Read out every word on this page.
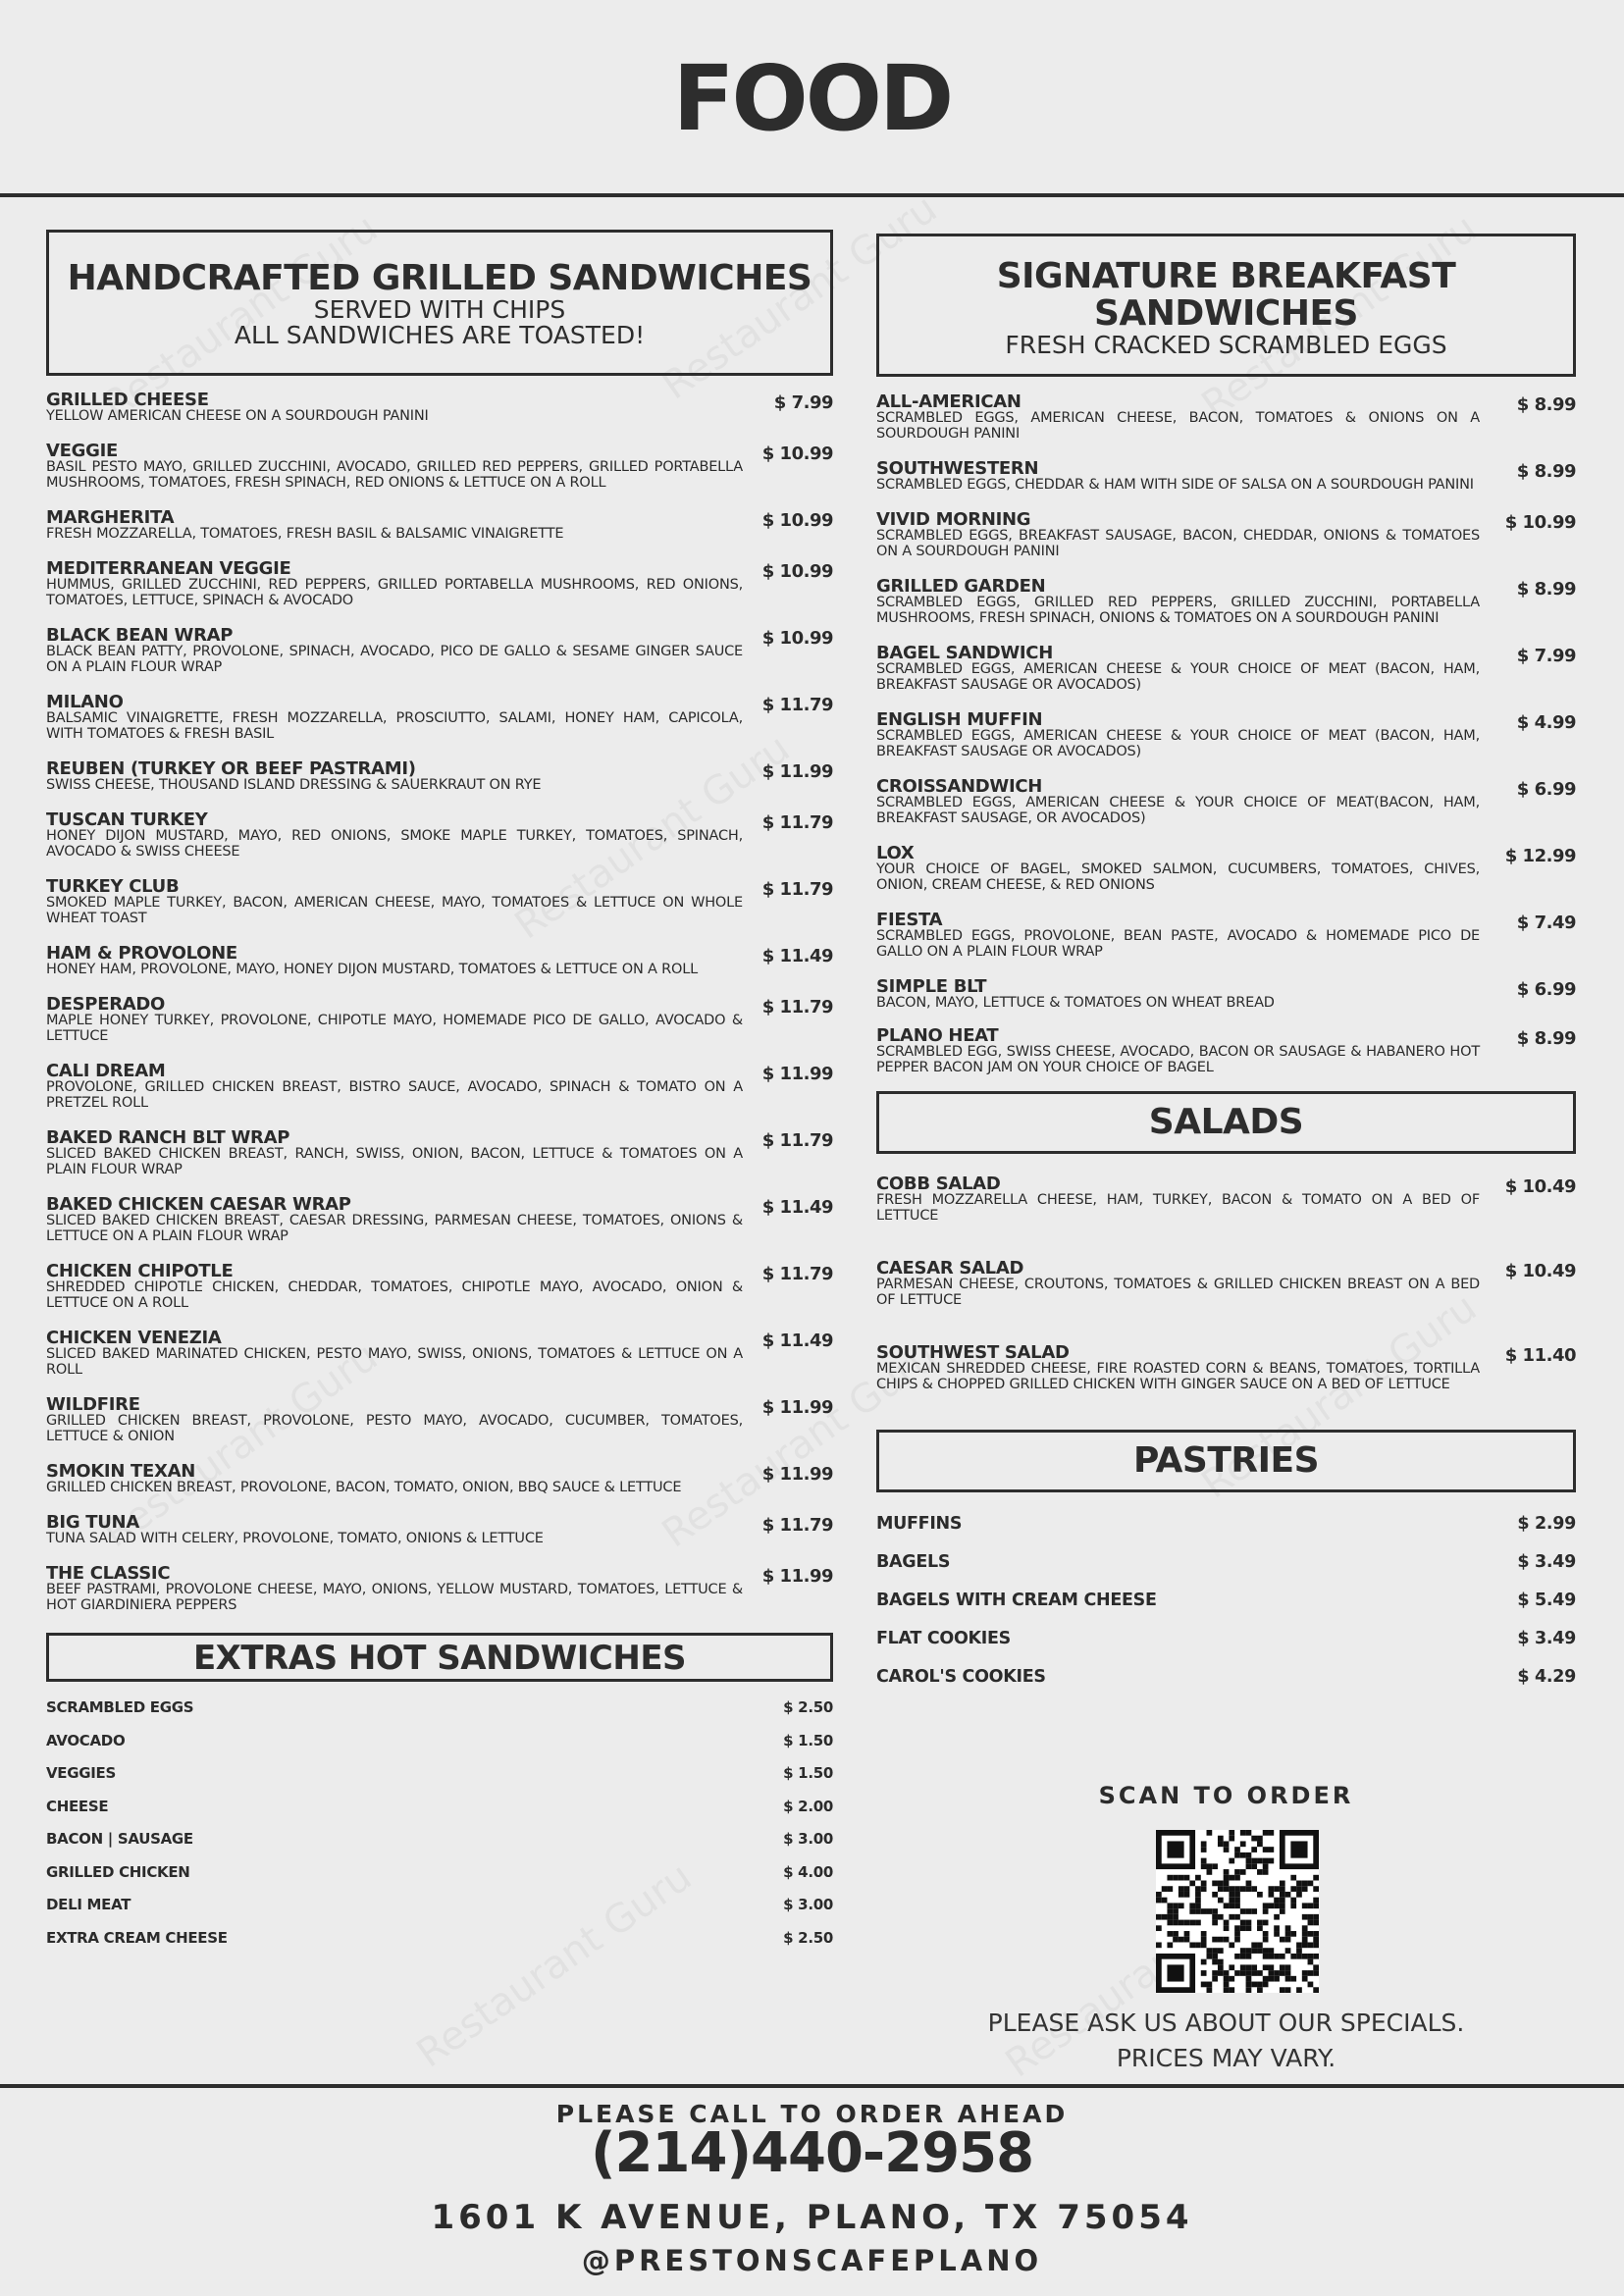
FOOD
HANDCRAFTED GRILLED SANDWICHES
SERVED WITH CHIPS
ALL SANDWICHES ARE TOASTED!
GRILLED CHEESE
YELLOW AMERICAN CHEESE ON A SOURDOUGH PANINI
$ 7.99
VEGGIE
BASIL PESTO MAYO, GRILLED ZUCCHINI, AVOCADO, GRILLED RED PEPPERS, GRILLED PORTABELLA MUSHROOMS, TOMATOES, FRESH SPINACH, RED ONIONS & LETTUCE ON A ROLL
$ 10.99
MARGHERITA
FRESH MOZZARELLA, TOMATOES, FRESH BASIL & BALSAMIC VINAIGRETTE
$ 10.99
MEDITERRANEAN VEGGIE
HUMMUS, GRILLED ZUCCHINI, RED PEPPERS, GRILLED PORTABELLA MUSHROOMS, RED ONIONS, TOMATOES, LETTUCE, SPINACH & AVOCADO
$ 10.99
BLACK BEAN WRAP
BLACK BEAN PATTY, PROVOLONE, SPINACH, AVOCADO, PICO DE GALLO & SESAME GINGER SAUCE ON A PLAIN FLOUR WRAP
$ 10.99
MILANO
BALSAMIC VINAIGRETTE, FRESH MOZZARELLA, PROSCIUTTO, SALAMI, HONEY HAM, CAPICOLA, WITH TOMATOES & FRESH BASIL
$ 11.79
REUBEN (TURKEY OR BEEF PASTRAMI)
SWISS CHEESE, THOUSAND ISLAND DRESSING & SAUERKRAUT ON RYE
$ 11.99
TUSCAN TURKEY
HONEY DIJON MUSTARD, MAYO, RED ONIONS, SMOKE MAPLE TURKEY, TOMATOES, SPINACH, AVOCADO & SWISS CHEESE
$ 11.79
TURKEY CLUB
SMOKED MAPLE TURKEY, BACON, AMERICAN CHEESE, MAYO, TOMATOES & LETTUCE ON WHOLE WHEAT TOAST
$ 11.79
HAM & PROVOLONE
HONEY HAM, PROVOLONE, MAYO, HONEY DIJON MUSTARD, TOMATOES & LETTUCE ON A ROLL
$ 11.49
DESPERADO
MAPLE HONEY TURKEY, PROVOLONE, CHIPOTLE MAYO, HOMEMADE PICO DE GALLO, AVOCADO & LETTUCE
$ 11.79
CALI DREAM
PROVOLONE, GRILLED CHICKEN BREAST, BISTRO SAUCE, AVOCADO, SPINACH & TOMATO ON A PRETZEL ROLL
$ 11.99
BAKED RANCH BLT WRAP
SLICED BAKED CHICKEN BREAST, RANCH, SWISS, ONION, BACON, LETTUCE & TOMATOES ON A PLAIN FLOUR WRAP
$ 11.79
BAKED CHICKEN CAESAR WRAP
SLICED BAKED CHICKEN BREAST, CAESAR DRESSING, PARMESAN CHEESE, TOMATOES, ONIONS & LETTUCE ON A PLAIN FLOUR WRAP
$ 11.49
CHICKEN CHIPOTLE
SHREDDED CHIPOTLE CHICKEN, CHEDDAR, TOMATOES, CHIPOTLE MAYO, AVOCADO, ONION & LETTUCE ON A ROLL
$ 11.79
CHICKEN VENEZIA
SLICED BAKED MARINATED CHICKEN, PESTO MAYO, SWISS, ONIONS, TOMATOES & LETTUCE ON A ROLL
$ 11.49
WILDFIRE
GRILLED CHICKEN BREAST, PROVOLONE, PESTO MAYO, AVOCADO, CUCUMBER, TOMATOES, LETTUCE & ONION
$ 11.99
SMOKIN TEXAN
GRILLED CHICKEN BREAST, PROVOLONE, BACON, TOMATO, ONION, BBQ SAUCE & LETTUCE
$ 11.99
BIG TUNA
TUNA SALAD WITH CELERY, PROVOLONE, TOMATO, ONIONS & LETTUCE
$ 11.79
THE CLASSIC
BEEF PASTRAMI, PROVOLONE CHEESE, MAYO, ONIONS, YELLOW MUSTARD, TOMATOES, LETTUCE & HOT GIARDINIERA PEPPERS
$ 11.99
EXTRAS HOT SANDWICHES
SCRAMBLED EGGS	$ 2.50
AVOCADO	$ 1.50
VEGGIES	$ 1.50
CHEESE	$ 2.00
BACON | SAUSAGE	$ 3.00
GRILLED CHICKEN	$ 4.00
DELI MEAT	$ 3.00
EXTRA CREAM CHEESE	$ 2.50
SIGNATURE BREAKFAST
SANDWICHES
FRESH CRACKED SCRAMBLED EGGS
ALL-AMERICAN
SCRAMBLED EGGS, AMERICAN CHEESE, BACON, TOMATOES & ONIONS ON A SOURDOUGH PANINI
$ 8.99
SOUTHWESTERN
SCRAMBLED EGGS, CHEDDAR & HAM WITH SIDE OF SALSA ON A SOURDOUGH PANINI
$ 8.99
VIVID MORNING
SCRAMBLED EGGS, BREAKFAST SAUSAGE, BACON, CHEDDAR, ONIONS & TOMATOES ON A SOURDOUGH PANINI
$ 10.99
GRILLED GARDEN
SCRAMBLED EGGS, GRILLED RED PEPPERS, GRILLED ZUCCHINI, PORTABELLA MUSHROOMS, FRESH SPINACH, ONIONS & TOMATOES ON A SOURDOUGH PANINI
$ 8.99
BAGEL SANDWICH
SCRAMBLED EGGS, AMERICAN CHEESE & YOUR CHOICE OF MEAT (BACON, HAM, BREAKFAST SAUSAGE OR AVOCADOS)
$ 7.99
ENGLISH MUFFIN
SCRAMBLED EGGS, AMERICAN CHEESE & YOUR CHOICE OF MEAT (BACON, HAM, BREAKFAST SAUSAGE OR AVOCADOS)
$ 4.99
CROISSANDWICH
SCRAMBLED EGGS, AMERICAN CHEESE & YOUR CHOICE OF MEAT(BACON, HAM, BREAKFAST SAUSAGE, OR AVOCADOS)
$ 6.99
LOX
YOUR CHOICE OF BAGEL, SMOKED SALMON, CUCUMBERS, TOMATOES, CHIVES, ONION, CREAM CHEESE, & RED ONIONS
$ 12.99
FIESTA
SCRAMBLED EGGS, PROVOLONE, BEAN PASTE, AVOCADO & HOMEMADE PICO DE GALLO ON A PLAIN FLOUR WRAP
$ 7.49
SIMPLE BLT
BACON, MAYO, LETTUCE & TOMATOES ON WHEAT BREAD
$ 6.99
PLANO HEAT
SCRAMBLED EGG, SWISS CHEESE, AVOCADO, BACON OR SAUSAGE & HABANERO HOT PEPPER BACON JAM ON YOUR CHOICE OF BAGEL
$ 8.99
SALADS
COBB SALAD
FRESH MOZZARELLA CHEESE, HAM, TURKEY, BACON & TOMATO ON A BED OF LETTUCE
$ 10.49
CAESAR SALAD
PARMESAN CHEESE, CROUTONS, TOMATOES & GRILLED CHICKEN BREAST ON A BED OF LETTUCE
$ 10.49
SOUTHWEST SALAD
MEXICAN SHREDDED CHEESE, FIRE ROASTED CORN & BEANS, TOMATOES, TORTILLA CHIPS & CHOPPED GRILLED CHICKEN WITH GINGER SAUCE ON A BED OF LETTUCE
$ 11.40
PASTRIES
MUFFINS	$ 2.99
BAGELS	$ 3.49
BAGELS WITH CREAM CHEESE	$ 5.49
FLAT COOKIES	$ 3.49
CAROL'S COOKIES	$ 4.29
SCAN TO ORDER
PLEASE ASK US ABOUT OUR SPECIALS.
PRICES MAY VARY.
PLEASE CALL TO ORDER AHEAD
(214)440-2958
1601 K AVENUE, PLANO, TX 75054
@PRESTONSCAFEPLANO
